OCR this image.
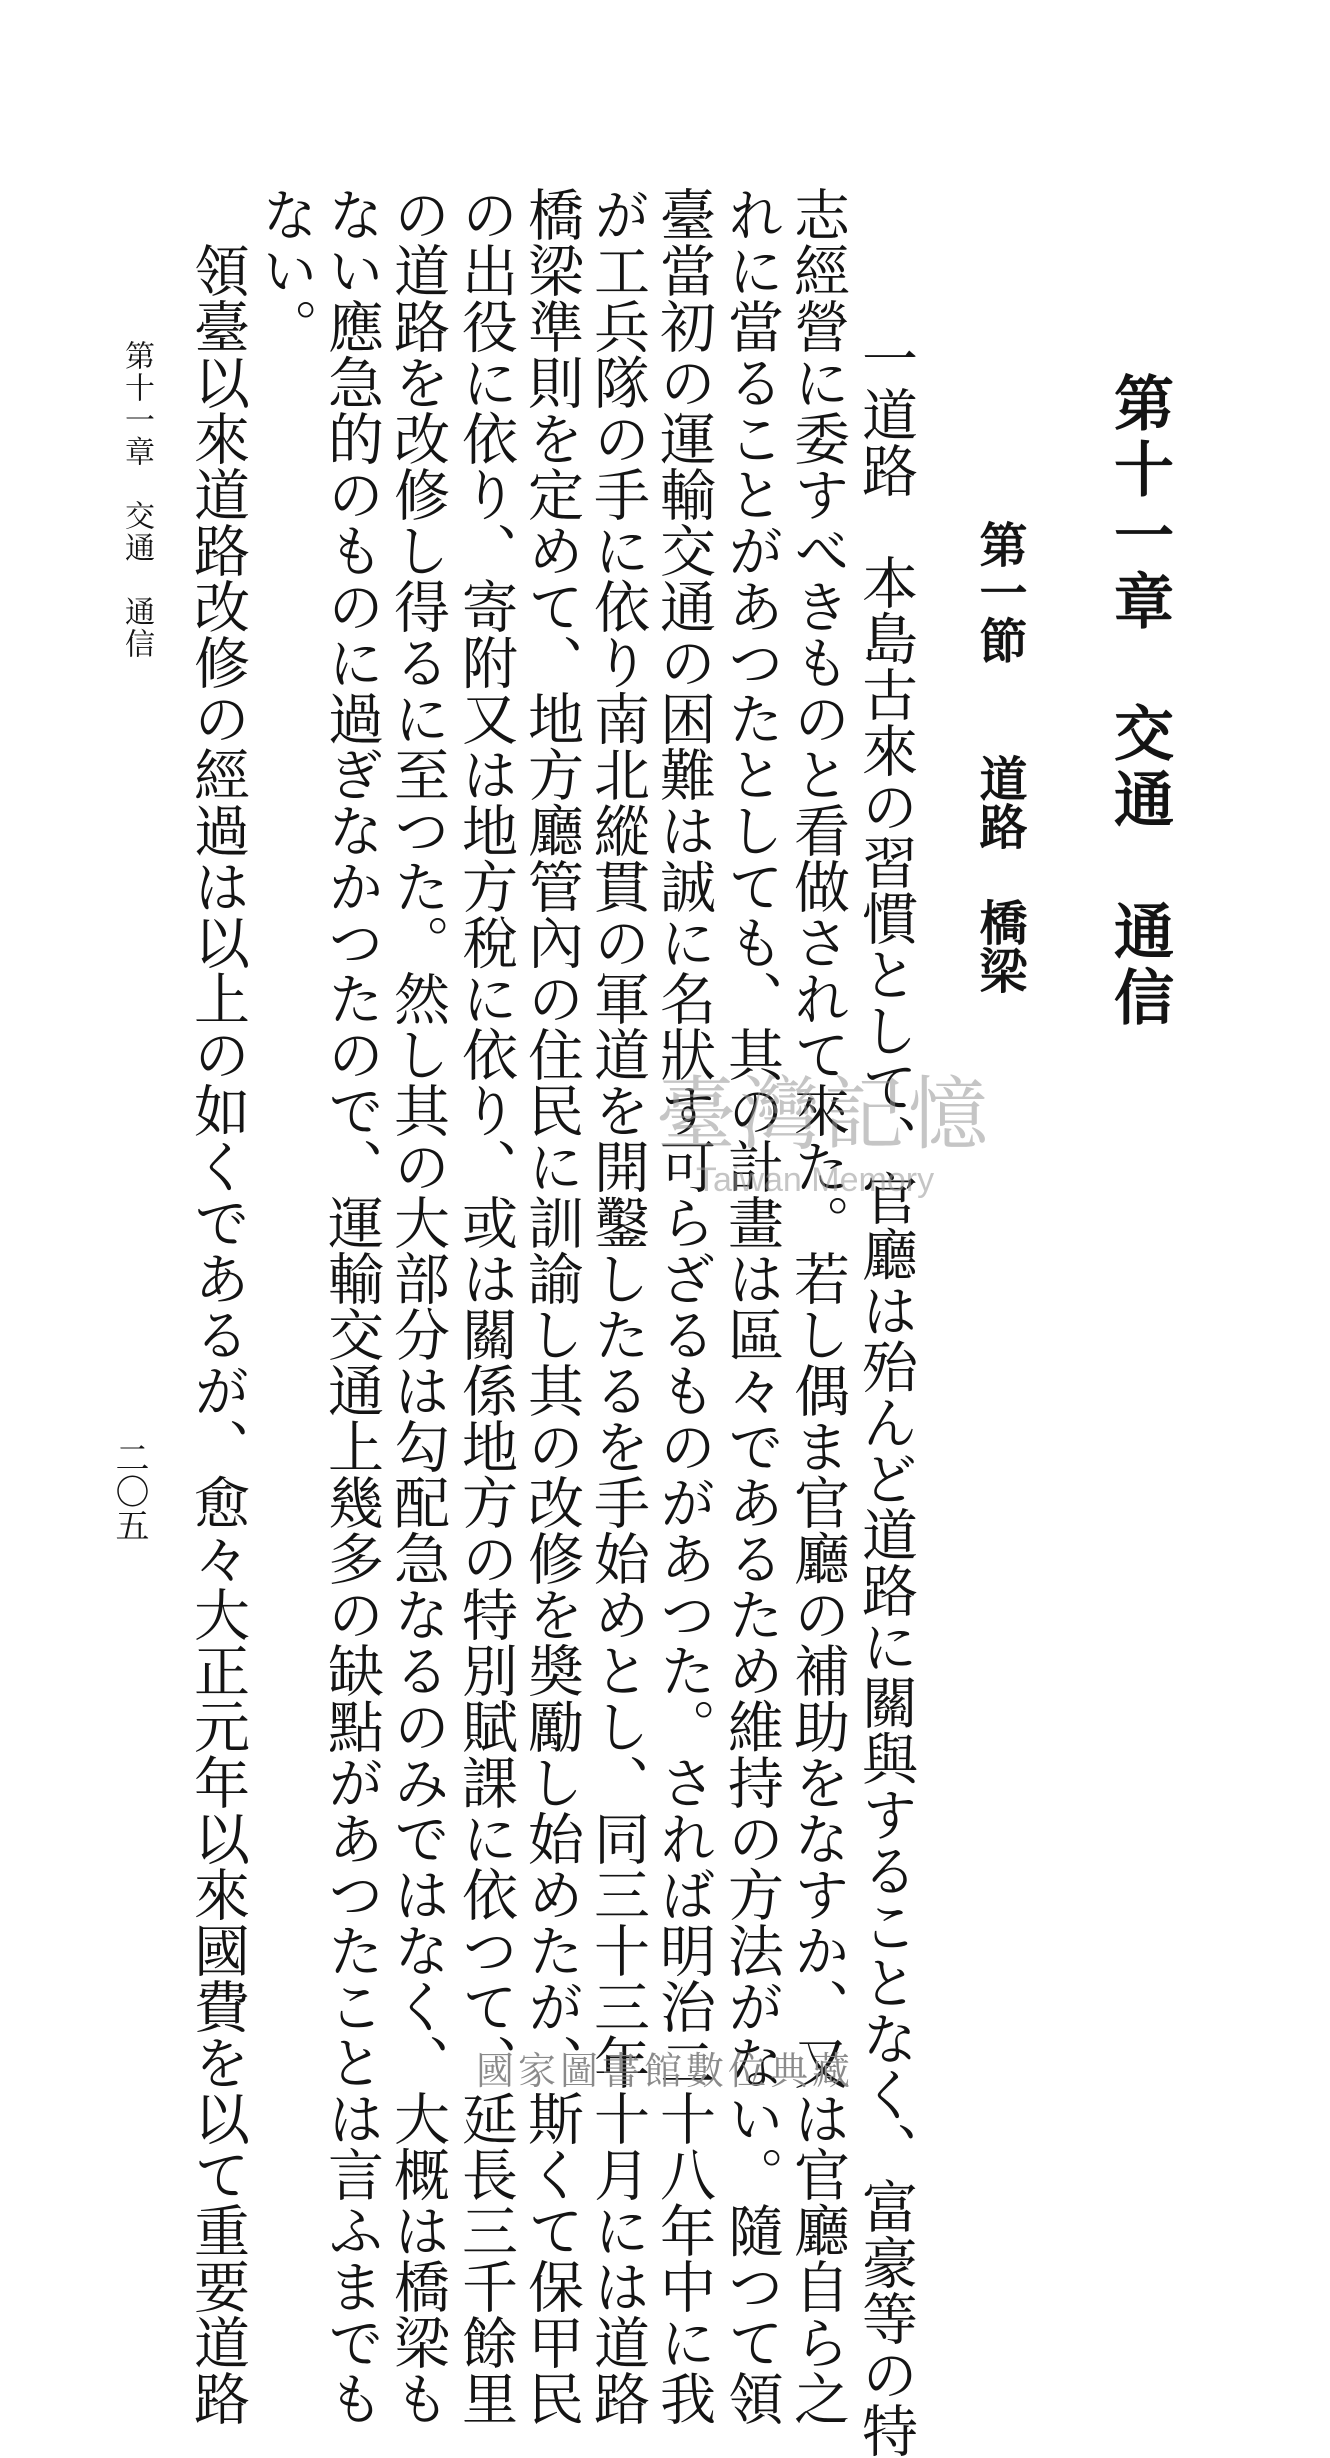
第十一章　交通　通信
第一節道路　橋梁
一道路　本島古來の習慣として、官廳は殆んど道路に關與することなく、富豪等の特
志經營に委すべきものと看做されて來た。若し偶ま官廳の補助をなすか、又は官廳自ら之
れに當ることがあつたとしても、其の計畫は區々であるため維持の方法がない。隨つて領
臺當初の運輸交通の困難は誠に名狀す可らざるものがあつた。されば明治二十八年中に我
が工兵隊の手に依り南北縱貫の軍道を開鑿したるを手始めとし、同三十三年十月には道路
橋梁準則を定めて、地方廳管內の住民に訓諭し其の改修を奬勵し始めたが、斯くて保甲民
の出役に依り、寄附又は地方稅に依り、或は關係地方の特別賦課に依つて、延長三千餘里
の道路を改修し得るに至つた。然し其の大部分は勾配急なるのみではなく、大概は橋梁も
ない應急的のものに過ぎなかつたので、運輸交通上幾多の缺點があつたことは言ふまでも
ない。
領臺以來道路改修の經過は以上の如くであるが、愈々大正元年以來國費を以て重要道路
第十一章　交通　通信
二〇五
臺灣記憶
Taiwan Memory
國家圖書館數位典藏
